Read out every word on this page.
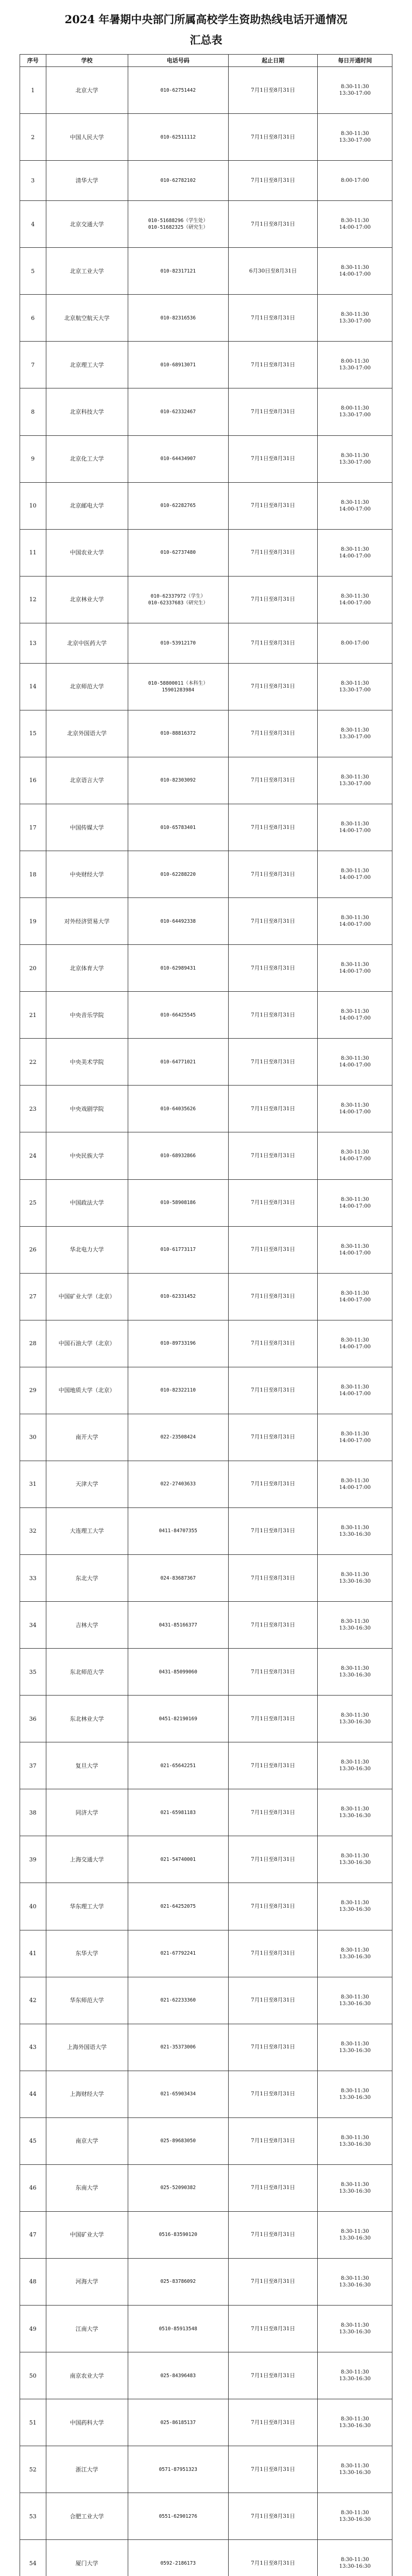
2024 年暑期中央部门所属高校学生资助热线电话开通情况
汇总表
序号	学校	电话号码	起止日期	每日开通时间
1	北京大学	010-62751442	7月1日至8月31日	8:30-11:30
13:30-17:00
2	中国人民大学	010-62511112	7月1日至8月31日	8:30-11:30
13:30-17:00
3	清华大学	010-62782102	7月1日至8月31日	8:00-17:00
4	北京交通大学	010-51688296（学生处）
010-51682325（研究生）	7月1日至8月31日	8:30-11:30
14:00-17:00
5	北京工业大学	010-82317121	6月30日至8月31日	8:30-11:30
14:00-17:00
6	北京航空航天大学	010-82316536	7月1日至8月31日	8:30-11:30
13:30-17:00
7	北京理工大学	010-68913071	7月1日至8月31日	8:00-11:30
13:30-17:00
8	北京科技大学	010-62332467	7月1日至8月31日	8:00-11:30
13:30-17:00
9	北京化工大学	010-64434907	7月1日至8月31日	8:30-11:30
13:30-17:00
10	北京邮电大学	010-62282765	7月1日至8月31日	8:30-11:30
14:00-17:00
11	中国农业大学	010-62737480	7月1日至8月31日	8:30-11:30
14:00-17:00
12	北京林业大学	010-62337972（学生）
010-62337683（研究生）	7月1日至8月31日	8:30-11:30
14:00-17:00
13	北京中医药大学	010-53912170	7月1日至8月31日	8:00-17:00
14	北京师范大学	010-58800011（本科生）
15901283984	7月1日至8月31日	8:30-11:30
13:30-17:00
15	北京外国语大学	010-88816372	7月1日至8月31日	8:30-11:30
13:30-17:00
16	北京语言大学	010-82303092	7月1日至8月31日	8:30-11:30
13:30-17:00
17	中国传媒大学	010-65783401	7月1日至8月31日	8:30-11:30
14:00-17:00
18	中央财经大学	010-62288220	7月1日至8月31日	8:30-11:30
14:00-17:00
19	对外经济贸易大学	010-64492338	7月1日至8月31日	8:30-11:30
14:00-17:00
20	北京体育大学	010-62989431	7月1日至8月31日	8:30-11:30
14:00-17:00
21	中央音乐学院	010-66425545	7月1日至8月31日	8:30-11:30
14:00-17:00
22	中央美术学院	010-64771021	7月1日至8月31日	8:30-11:30
14:00-17:00
23	中央戏剧学院	010-64035626	7月1日至8月31日	8:30-11:30
14:00-17:00
24	中央民族大学	010-68932866	7月1日至8月31日	8:30-11:30
14:00-17:00
25	中国政法大学	010-58908186	7月1日至8月31日	8:30-11:30
14:00-17:00
26	华北电力大学	010-61773117	7月1日至8月31日	8:30-11:30
14:00-17:00
27	中国矿业大学（北京）	010-62331452	7月1日至8月31日	8:30-11:30
14:00-17:00
28	中国石油大学（北京）	010-89733196	7月1日至8月31日	8:30-11:30
14:00-17:00
29	中国地质大学（北京）	010-82322110	7月1日至8月31日	8:30-11:30
14:00-17:00
30	南开大学	022-23508424	7月1日至8月31日	8:30-11:30
14:00-17:00
31	天津大学	022-27403633	7月1日至8月31日	8:30-11:30
14:00-17:00
32	大连理工大学	0411-84707355	7月1日至8月31日	8:30-11:30
13:30-16:30
33	东北大学	024-83687367	7月1日至8月31日	8:30-11:30
13:30-16:30
34	吉林大学	0431-85166377	7月1日至8月31日	8:30-11:30
13:30-16:30
35	东北师范大学	0431-85099060	7月1日至8月31日	8:30-11:30
13:30-16:30
36	东北林业大学	0451-82190169	7月1日至8月31日	8:30-11:30
13:30-16:30
37	复旦大学	021-65642251	7月1日至8月31日	8:30-11:30
13:30-16:30
38	同济大学	021-65981183	7月1日至8月31日	8:30-11:30
13:30-16:30
39	上海交通大学	021-54740001	7月1日至8月31日	8:30-11:30
13:30-16:30
40	华东理工大学	021-64252075	7月1日至8月31日	8:30-11:30
13:30-16:30
41	东华大学	021-67792241	7月1日至8月31日	8:30-11:30
13:30-16:30
42	华东师范大学	021-62233360	7月1日至8月31日	8:30-11:30
13:30-16:30
43	上海外国语大学	021-35373006	7月1日至8月31日	8:30-11:30
13:30-16:30
44	上海财经大学	021-65903434	7月1日至8月31日	8:30-11:30
13:30-16:30
45	南京大学	025-89683050	7月1日至8月31日	8:30-11:30
13:30-16:30
46	东南大学	025-52090382	7月1日至8月31日	8:30-11:30
13:30-16:30
47	中国矿业大学	0516-83590120	7月1日至8月31日	8:30-11:30
13:30-16:30
48	河海大学	025-83786092	7月1日至8月31日	8:30-11:30
13:30-16:30
49	江南大学	0510-85913548	7月1日至8月31日	8:30-11:30
13:30-16:30
50	南京农业大学	025-84396483	7月1日至8月31日	8:30-11:30
13:30-16:30
51	中国药科大学	025-86185137	7月1日至8月31日	8:30-11:30
13:30-16:30
52	浙江大学	0571-87951323	7月1日至8月31日	8:30-11:30
13:30-16:30
53	合肥工业大学	0551-62901276	7月1日至8月31日	8:30-11:30
13:30-16:30
54	厦门大学	0592-2186173	7月1日至8月31日	8:30-11:30
13:30-16:30
